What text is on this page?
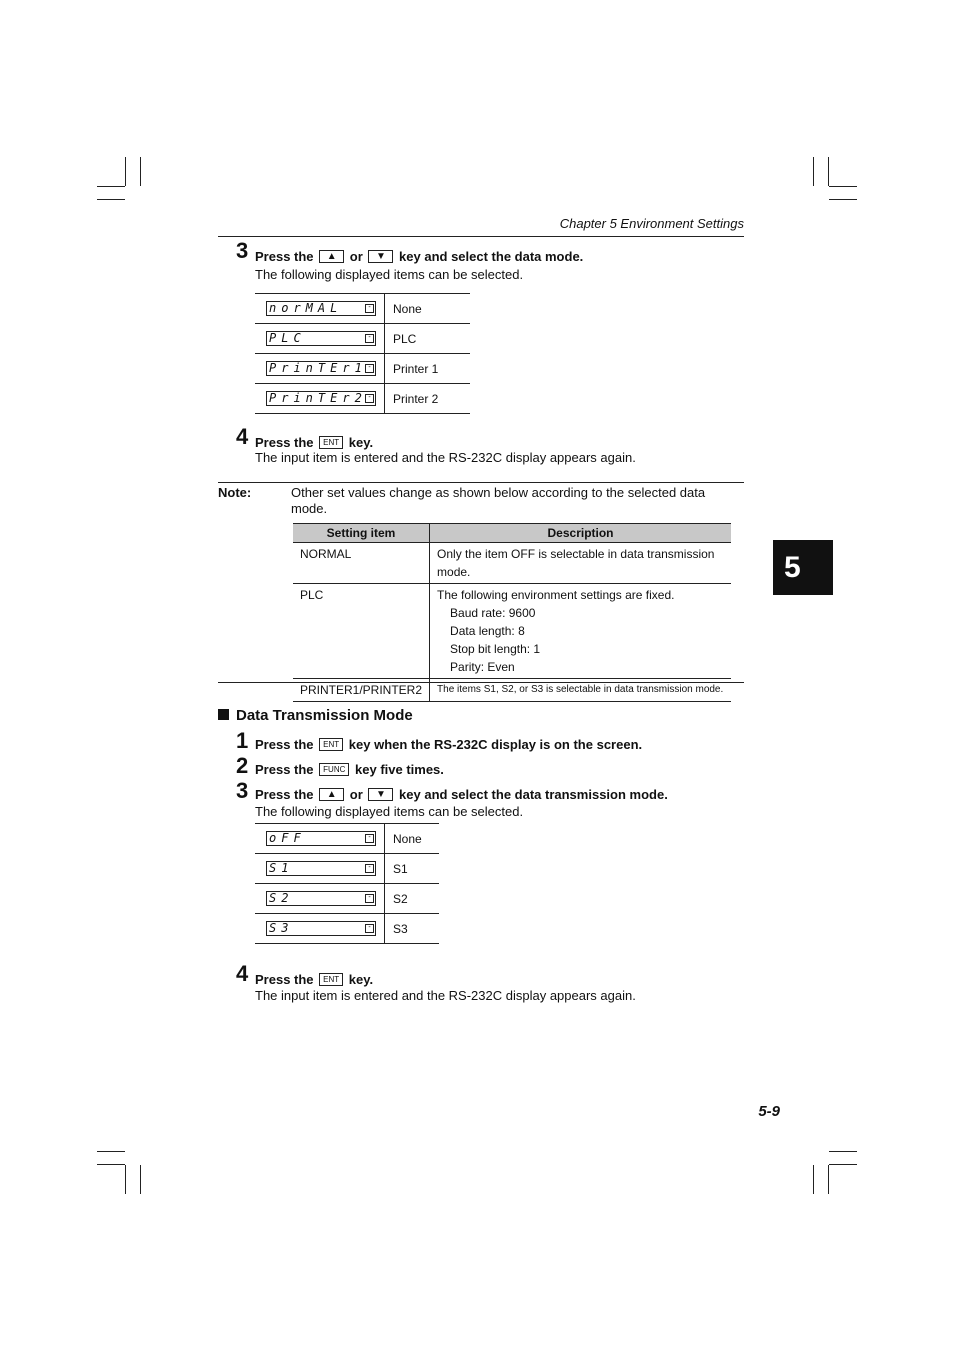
Chapter 5 Environment Settings
3 Press the ▲ or ▼ key and select the data mode.
The following displayed items can be selected.
norMAL	- None
PLC	- PLC
PrinTEr1 - Printer 1
PrinTEr2 - Printer 2
4 Press the ENT key.
The input item is entered and the RS-232C display appears again.
Note:	Other set values change as shown below according to the selected data mode.
Setting item	Description
NORMAL	Only the item OFF is selectable in data transmission mode.
PLC	The following environment settings are fixed.
Baud rate: 9600
Data length: 8
Stop bit length: 1
Parity: Even

PRINTER1/PRINTER2	The items S1, S2, or S3 is selectable in data transmission mode.
Data Transmission Mode
1 Press the ENT key when the RS-232C display is on the screen.
2 Press the FUNC key five times.
3 Press the ▲ or ▼ key and select the data transmission mode.
The following displayed items can be selected.
oFF	- None
S1	- S1
S2	- S2
S3	- S3
4 Press the ENT key.
The input item is entered and the RS-232C display appears again.
5
5-9
